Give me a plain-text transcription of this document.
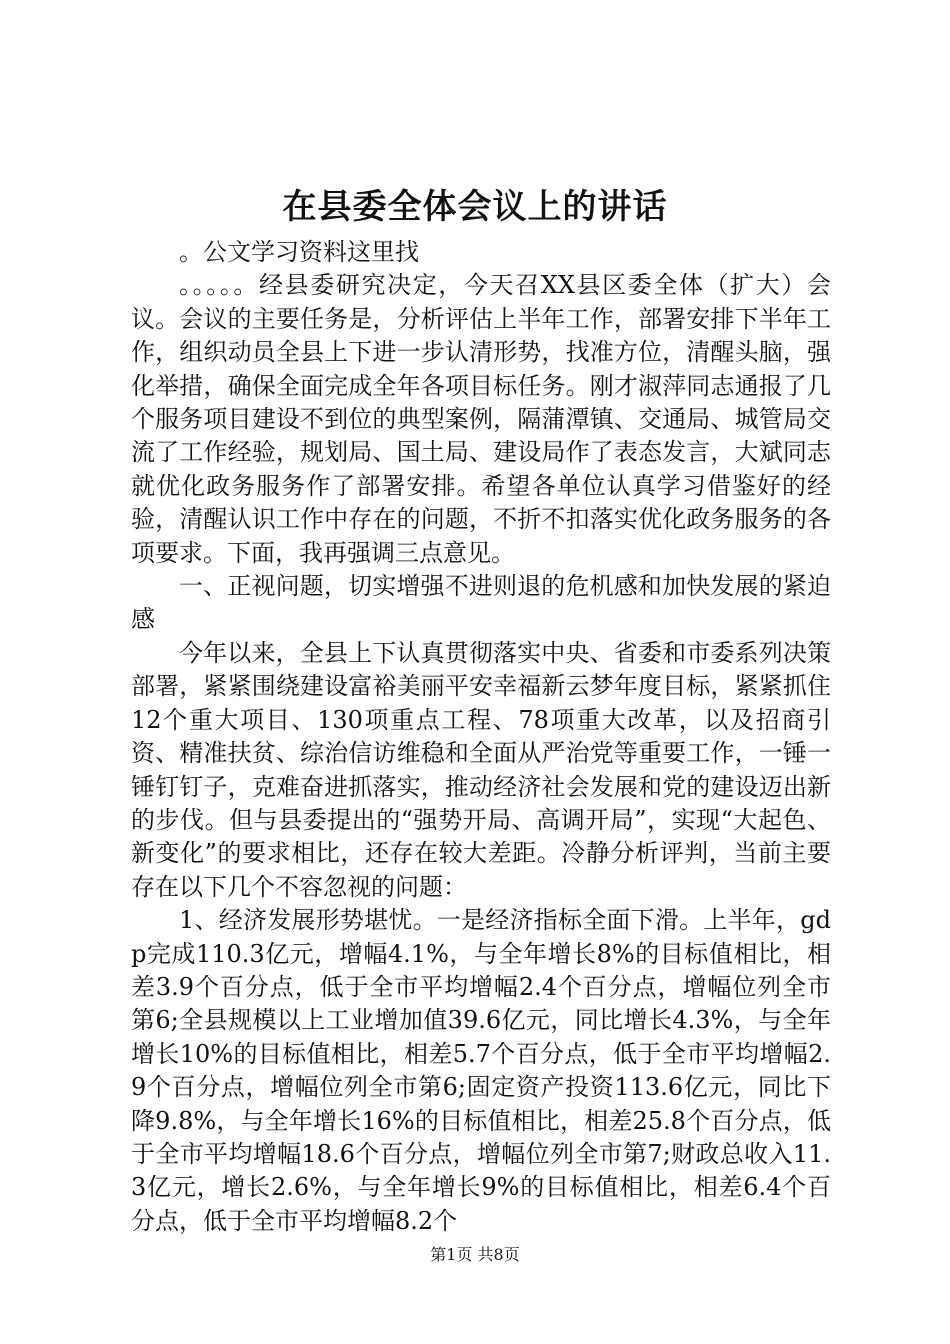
在县委全体会议上的讲话

。公文学习资料这里找

。。。。。经县委研究决定，今天召XX县区委全体（扩大）会议。会议的主要任务是，分析评估上半年工作，部署安排下半年工作，组织动员全县上下进一步认清形势，找准方位，清醒头脑，强化举措，确保全面完成全年各项目标任务。刚才淑萍同志通报了几个服务项目建设不到位的典型案例，隔蒲潭镇、交通局、城管局交流了工作经验，规划局、国土局、建设局作了表态发言，大斌同志就优化政务服务作了部署安排。希望各单位认真学习借鉴好的经验，清醒认识工作中存在的问题，不折不扣落实优化政务服务的各项要求。下面，我再强调三点意见。

一、正视问题，切实增强不进则退的危机感和加快发展的紧迫感

今年以来，全县上下认真贯彻落实中央、省委和市委系列决策部署，紧紧围绕建设富裕美丽平安幸福新云梦年度目标，紧紧抓住12个重大项目、130项重点工程、78项重大改革，以及招商引资、精准扶贫、综治信访维稳和全面从严治党等重要工作，一锤一锤钉钉子，克难奋进抓落实，推动经济社会发展和党的建设迈出新的步伐。但与县委提出的“强势开局、高调开局”，实现“大起色、新变化”的要求相比，还存在较大差距。冷静分析评判，当前主要存在以下几个不容忽视的问题：

1、经济发展形势堪忧。一是经济指标全面下滑。上半年，gdp完成110.3亿元，增幅4.1%，与全年增长8%的目标值相比，相差3.9个百分点，低于全市平均增幅2.4个百分点，增幅位列全市第6;全县规模以上工业增加值39.6亿元，同比增长4.3%，与全年增长10%的目标值相比，相差5.7个百分点，低于全市平均增幅2.9个百分点，增幅位列全市第6;固定资产投资113.6亿元，同比下降9.8%，与全年增长16%的目标值相比，相差25.8个百分点，低于全市平均增幅18.6个百分点，增幅位列全市第7;财政总收入11.3亿元，增长2.6%，与全年增长9%的目标值相比，相差6.4个百分点，低于全市平均增幅8.2个

第1页 共8页
